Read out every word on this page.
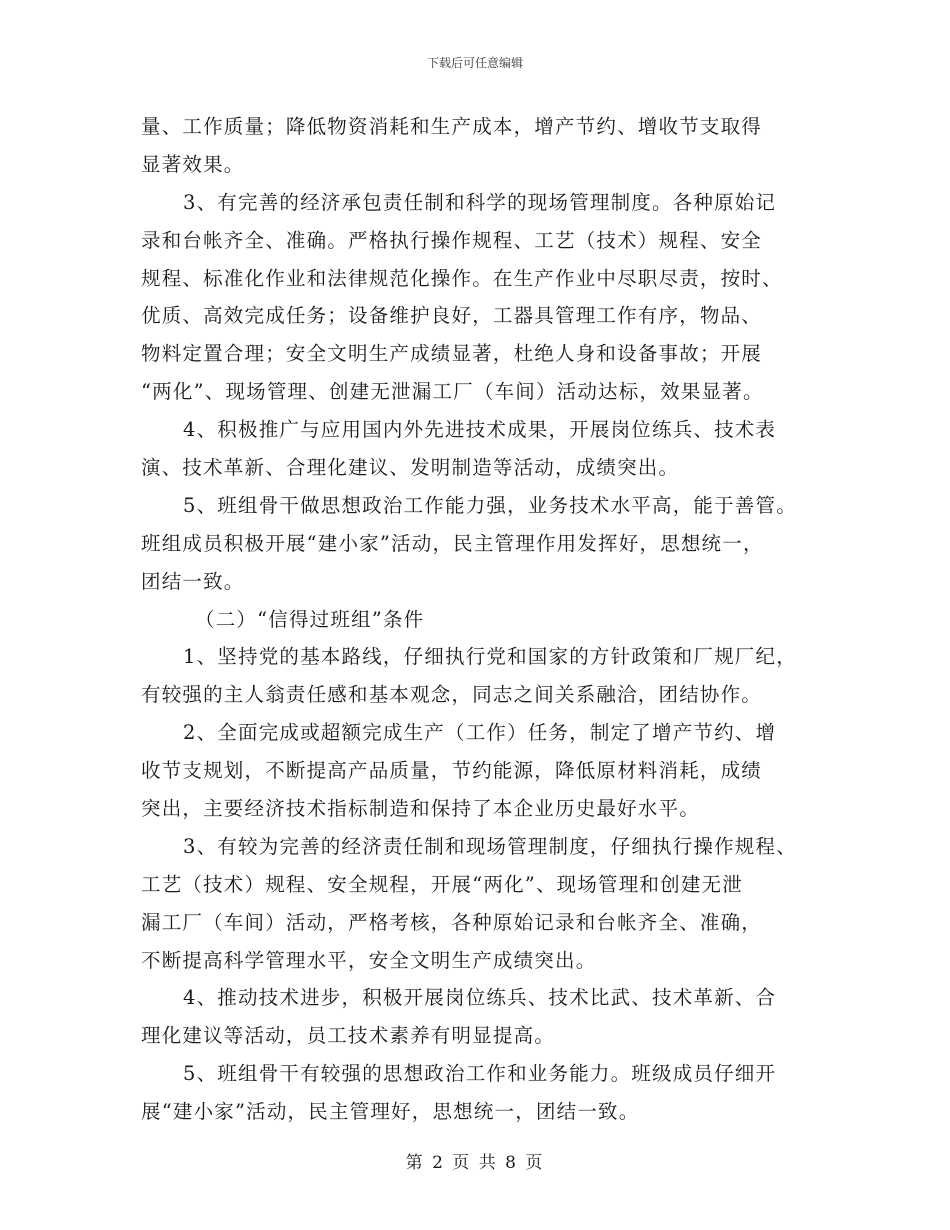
下载后可任意编辑
量、工作质量；降低物资消耗和生产成本，增产节约、增收节支取得
显著效果。
3、有完善的经济承包责任制和科学的现场管理制度。各种原始记
录和台帐齐全、准确。严格执行操作规程、工艺（技术）规程、安全
规程、标准化作业和法律规范化操作。在生产作业中尽职尽责，按时、
优质、高效完成任务；设备维护良好，工器具管理工作有序，物品、
物料定置合理；安全文明生产成绩显著，杜绝人身和设备事故；开展
“两化”、现场管理、创建无泄漏工厂（车间）活动达标，效果显著。
4、积极推广与应用国内外先进技术成果，开展岗位练兵、技术表
演、技术革新、合理化建议、发明制造等活动，成绩突出。
5、班组骨干做思想政治工作能力强，业务技术水平高，能于善管。
班组成员积极开展“建小家”活动，民主管理作用发挥好，思想统一，
团结一致。
（二）“信得过班组”条件
1、坚持党的基本路线，仔细执行党和国家的方针政策和厂规厂纪，
有较强的主人翁责任感和基本观念，同志之间关系融洽，团结协作。
2、全面完成或超额完成生产（工作）任务，制定了增产节约、增
收节支规划，不断提高产品质量，节约能源，降低原材料消耗，成绩
突出，主要经济技术指标制造和保持了本企业历史最好水平。
3、有较为完善的经济责任制和现场管理制度，仔细执行操作规程、
工艺（技术）规程、安全规程，开展“两化”、现场管理和创建无泄
漏工厂（车间）活动，严格考核，各种原始记录和台帐齐全、准确，
不断提高科学管理水平，安全文明生产成绩突出。
4、推动技术进步，积极开展岗位练兵、技术比武、技术革新、合
理化建议等活动，员工技术素养有明显提高。
5、班组骨干有较强的思想政治工作和业务能力。班级成员仔细开
展“建小家”活动，民主管理好，思想统一，团结一致。
第 2 页 共 8 页
